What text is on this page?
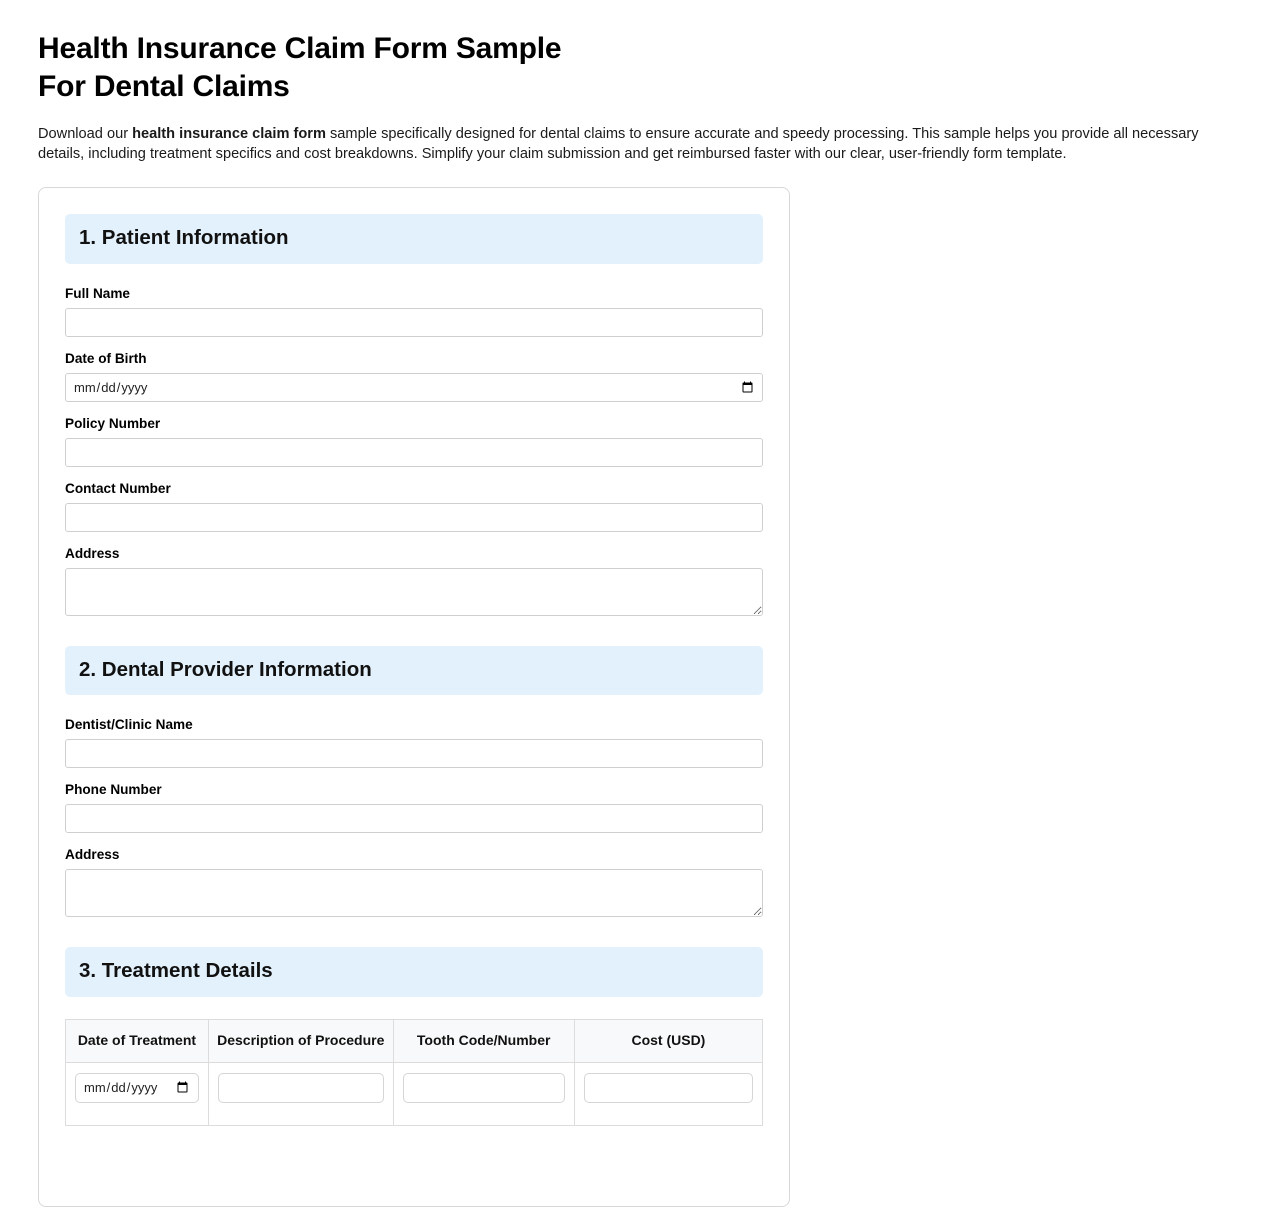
Health Insurance Claim Form Sample
For Dental Claims

Download our health insurance claim form sample specifically designed for dental claims to ensure accurate and speedy processing. This sample helps you provide all necessary details, including treatment specifics and cost breakdowns. Simplify your claim submission and get reimbursed faster with our clear, user-friendly form template.

1. Patient Information
Full Name
Date of Birth
Policy Number
Contact Number
Address
2. Dental Provider Information
Dentist/Clinic Name
Phone Number
Address
3. Treatment Details
Date of Treatment	Description of Procedure	Tooth Code/Number	Cost (USD)
